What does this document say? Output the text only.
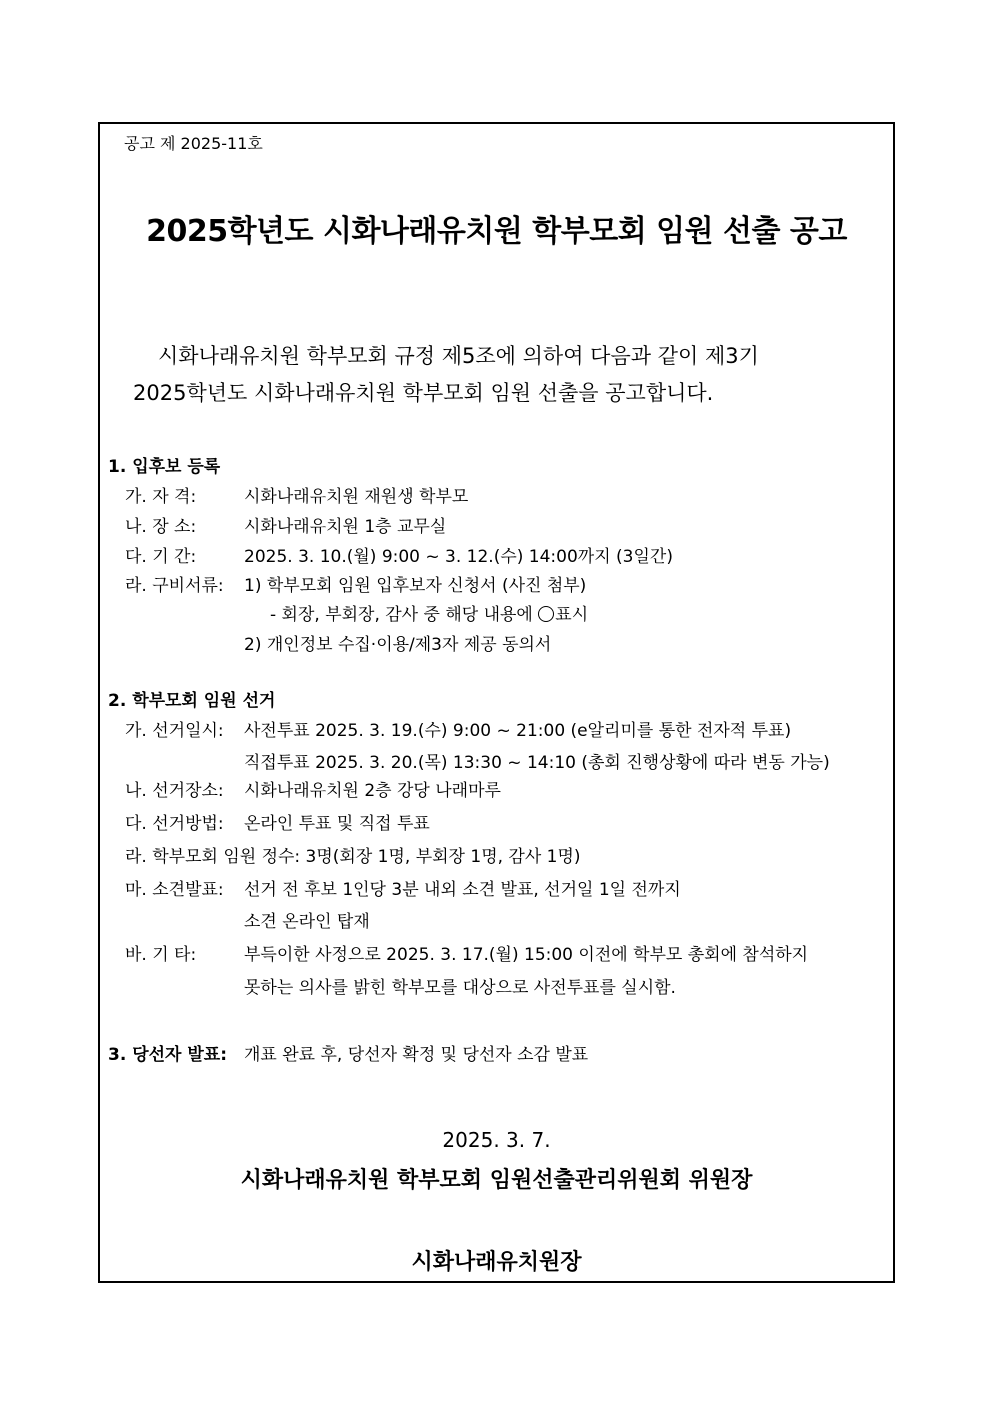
공고 제 2025-11호
2025학년도 시화나래유치원 학부모회 임원 선출 공고
시화나래유치원 학부모회 규정 제5조에 의하여 다음과 같이 제3기
2025학년도 시화나래유치원 학부모회 임원 선출을 공고합니다.
1. 입후보 등록
가. 자 격:	시화나래유치원 재원생 학부모
나. 장 소:	시화나래유치원 1층 교무실
다. 기 간:	2025. 3. 10.(월) 9:00 ~ 3. 12.(수) 14:00까지 (3일간)
라. 구비서류: 1) 학부모회 임원 입후보자 신청서 (사진 첨부)
- 회장, 부회장, 감사 중 해당 내용에 ○표시
2) 개인정보 수집·이용/제3자 제공 동의서
2. 학부모회 임원 선거
가. 선거일시: 사전투표 2025. 3. 19.(수) 9:00 ~ 21:00 (e알리미를 통한 전자적 투표)
직접투표 2025. 3. 20.(목) 13:30 ~ 14:10 (총회 진행상황에 따라 변동 가능)
나. 선거장소: 시화나래유치원 2층 강당 나래마루
다. 선거방법: 온라인 투표 및 직접 투표
라. 학부모회 임원 정수: 3명(회장 1명, 부회장 1명, 감사 1명)
마. 소견발표: 선거 전 후보 1인당 3분 내외 소견 발표, 선거일 1일 전까지
소견 온라인 탑재
바. 기 타:	부득이한 사정으로 2025. 3. 17.(월) 15:00 이전에 학부모 총회에 참석하지
못하는 의사를 밝힌 학부모를 대상으로 사전투표를 실시함.
3. 당선자 발표: 개표 완료 후, 당선자 확정 및 당선자 소감 발표
2025. 3. 7.
시화나래유치원 학부모회 임원선출관리위원회 위원장
시화나래유치원장
